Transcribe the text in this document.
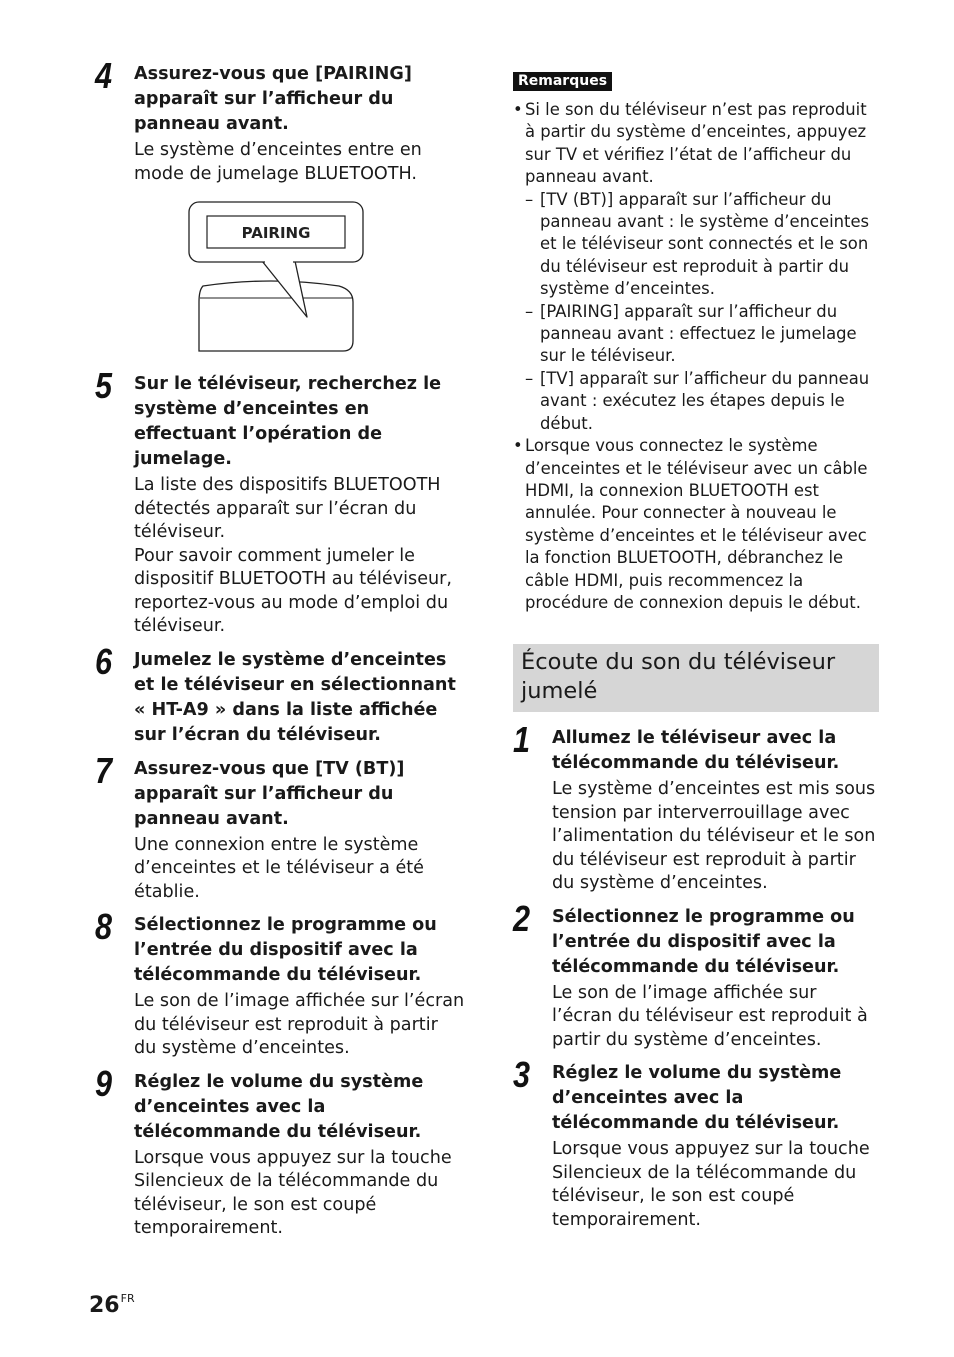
4 Assurez-vous que [PAIRING] apparaît sur l’afficheur du panneau avant.

Le système d’enceintes entre en mode de jumelage BLUETOOTH.

PAIRING
5 Sur le téléviseur, recherchez le système d’enceintes en effectuant l’opération de jumelage.

La liste des dispositifs BLUETOOTH détectés apparaît sur l’écran du téléviseur.
Pour savoir comment jumeler le dispositif BLUETOOTH au téléviseur, reportez-vous au mode d’emploi du téléviseur.

6 Jumelez le système d’enceintes et le téléviseur en sélectionnant « HT-A9 » dans la liste affichée sur l’écran du téléviseur.

7 Assurez-vous que [TV (BT)] apparaît sur l’afficheur du panneau avant.

Une connexion entre le système d’enceintes et le téléviseur a été établie.

8 Sélectionnez le programme ou l’entrée du dispositif avec la télécommande du téléviseur.

Le son de l’image affichée sur l’écran du téléviseur est reproduit à partir du système d’enceintes.

9 Réglez le volume du système d’enceintes avec la télécommande du téléviseur.

Lorsque vous appuyez sur la touche Silencieux de la télécommande du téléviseur, le son est coupé temporairement.

Remarques
• Si le son du téléviseur n’est pas reproduit à partir du système d’enceintes, appuyez sur TV et vérifiez l’état de l’afficheur du panneau avant.
– [TV (BT)] apparaît sur l’afficheur du panneau avant : le système d’enceintes et le téléviseur sont connectés et le son du téléviseur est reproduit à partir du système d’enceintes.
– [PAIRING] apparaît sur l’afficheur du panneau avant : effectuez le jumelage sur le téléviseur.
– [TV] apparaît sur l’afficheur du panneau avant : exécutez les étapes depuis le début.
• Lorsque vous connectez le système d’enceintes et le téléviseur avec un câble HDMI, la connexion BLUETOOTH est annulée. Pour connecter à nouveau le système d’enceintes et le téléviseur avec la fonction BLUETOOTH, débranchez le câble HDMI, puis recommencez la procédure de connexion depuis le début.
Écoute du son du téléviseur jumelé
1 Allumez le téléviseur avec la télécommande du téléviseur.

Le système d’enceintes est mis sous tension par interverrouillage avec l’alimentation du téléviseur et le son du téléviseur est reproduit à partir du système d’enceintes.

2 Sélectionnez le programme ou l’entrée du dispositif avec la télécommande du téléviseur.

Le son de l’image affichée sur l’écran du téléviseur est reproduit à partir du système d’enceintes.

3 Réglez le volume du système d’enceintes avec la télécommande du téléviseur.

Lorsque vous appuyez sur la touche Silencieux de la télécommande du téléviseur, le son est coupé temporairement.

$26^{FR}$
